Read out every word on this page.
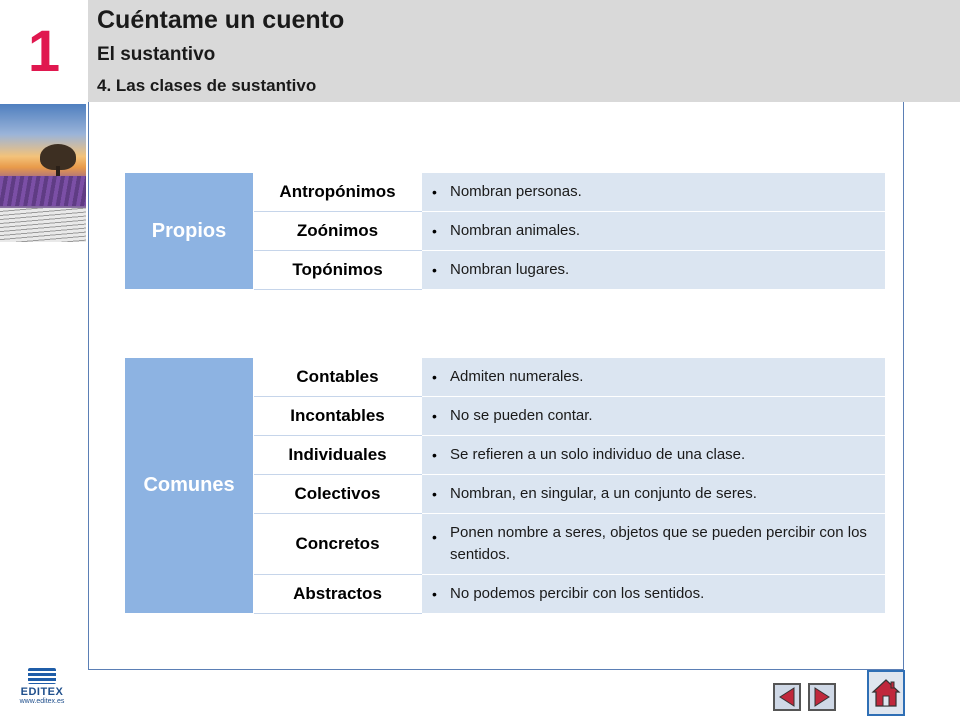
1	Cuéntame un cuento
El sustantivo
4. Las clases de sustantivo
Propios	Antropónimos	• Nombran personas.
	Zoónimos	• Nombran animales.
	Topónimos	• Nombran lugares.
Comunes	Contables	• Admiten numerales.
	Incontables	• No se pueden contar.
	Individuales	• Se refieren a un solo individuo de una clase.
	Colectivos	• Nombran, en singular, a un conjunto de seres.
	Concretos	• Ponen nombre a seres, objetos que se pueden percibir con los sentidos.
	Abstractos	• No podemos percibir con los sentidos.
EDITEX
www.editex.es
